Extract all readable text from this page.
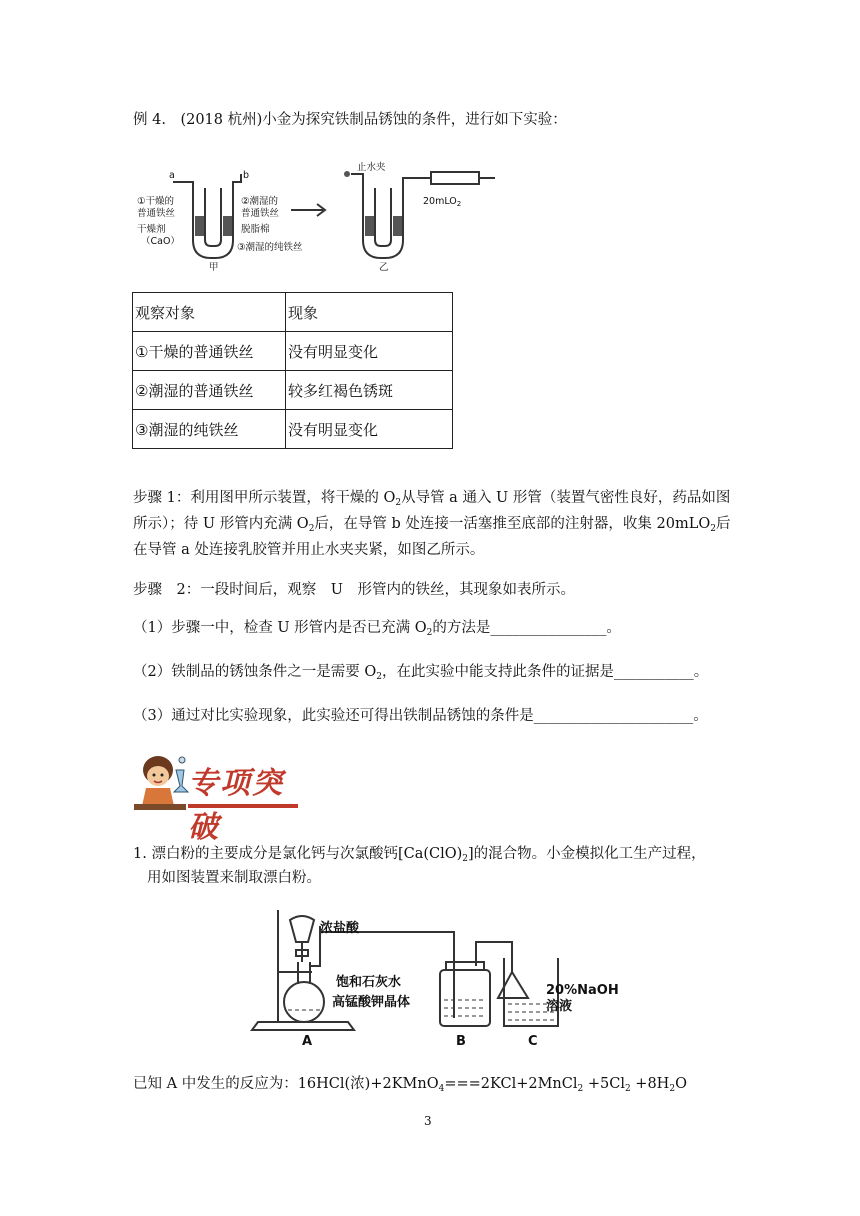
例 4.　(2018 杭州)小金为探究铁制品锈蚀的条件，进行如下实验：
a	b
①干燥的
普通铁丝
干燥剂
（CaO）
②潮湿的
普通铁丝
脱脂棉
③潮湿的纯铁丝
甲
止水夹
20mLO$_2$
乙
观察对象	现象
①干燥的普通铁丝	没有明显变化
②潮湿的普通铁丝	较多红褐色锈斑
③潮湿的纯铁丝	没有明显变化
步骤 1：利用图甲所示装置，将干燥的 $O_2$从导管 a 通入 U 形管（装置气密性良好，药品如图
所示）；待 U 形管内充满 $O_2$后，在导管 b 处连接一活塞推至底部的注射器，收集 20mLO$_2$后
在导管 a 处连接乳胶管并用止水夹夹紧，如图乙所示。
步骤　2：一段时间后，观察　U　形管内的铁丝，其现象如表所示。
（1）步骤一中，检查 U 形管内是否已充满 $O_2$的方法是________________。
（2）铁制品的锈蚀条件之一是需要 $O_2$，在此实验中能支持此条件的证据是___________。
（3）通过对比实验现象，此实验还可得出铁制品锈蚀的条件是______________________。
专项突破
1. 漂白粉的主要成分是氯化钙与次氯酸钙$[Ca(ClO)_2]$的混合物。小金模拟化工生产过程，
用如图装置来制取漂白粉。
浓盐酸
饱和石灰水
高锰酸钾晶体
20%NaOH
溶液
A	B	C
已知 A 中发生的反应为：16HCl(浓)+2KMnO$_4$===2KCl+2MnCl$_2$ $+5Cl_2 +8H_2O$
3
